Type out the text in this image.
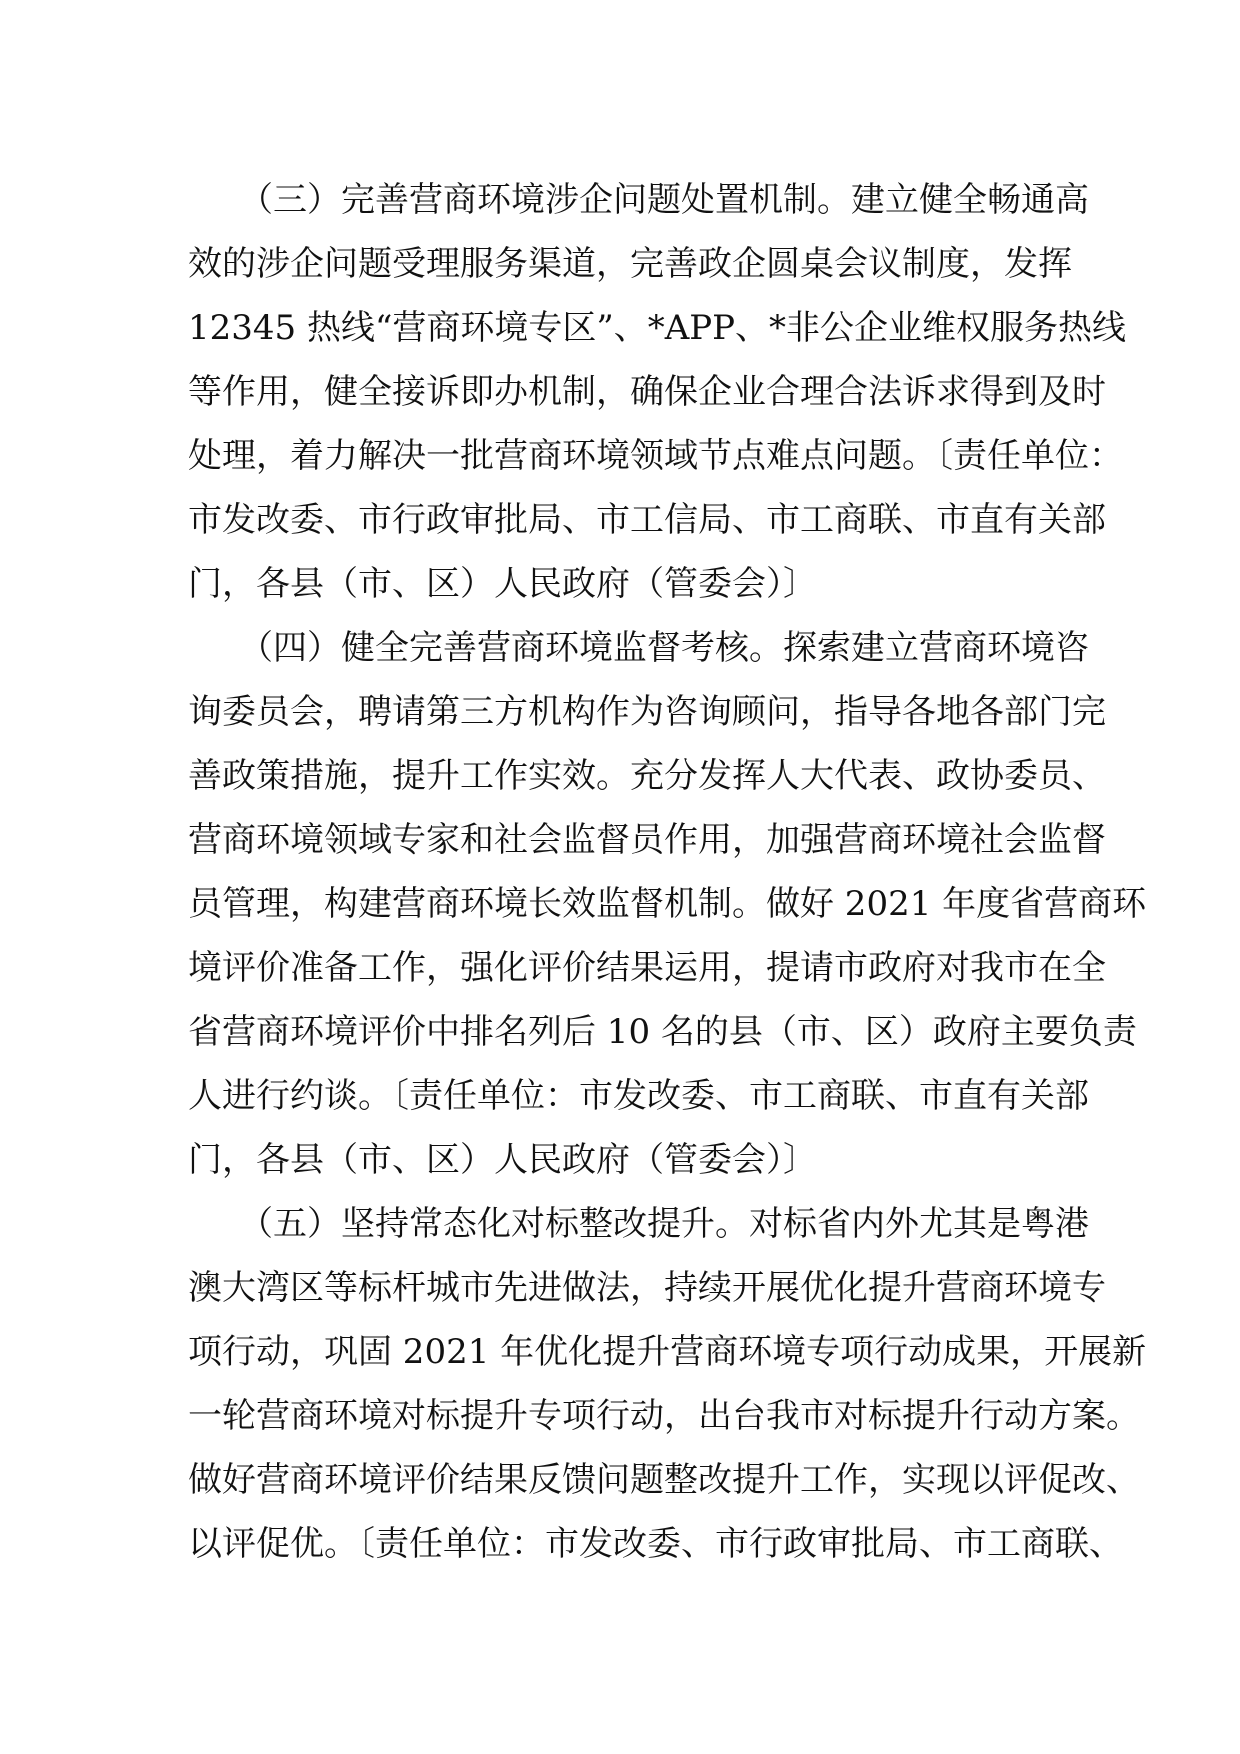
　　（三）完善营商环境涉企问题处置机制。建立健全畅通高
效的涉企问题受理服务渠道，完善政企圆桌会议制度，发挥
12345 热线“营商环境专区”、*APP、*非公企业维权服务热线
等作用，健全接诉即办机制，确保企业合理合法诉求得到及时
处理，着力解决一批营商环境领域节点难点问题。〔责任单位：
市发改委、市行政审批局、市工信局、市工商联、市直有关部
门，各县（市、区）人民政府（管委会）〕
　　（四）健全完善营商环境监督考核。探索建立营商环境咨
询委员会，聘请第三方机构作为咨询顾问，指导各地各部门完
善政策措施，提升工作实效。充分发挥人大代表、政协委员、
营商环境领域专家和社会监督员作用，加强营商环境社会监督
员管理，构建营商环境长效监督机制。做好 2021 年度省营商环
境评价准备工作，强化评价结果运用，提请市政府对我市在全
省营商环境评价中排名列后 10 名的县（市、区）政府主要负责
人进行约谈。〔责任单位：市发改委、市工商联、市直有关部
门，各县（市、区）人民政府（管委会）〕
　　（五）坚持常态化对标整改提升。对标省内外尤其是粤港
澳大湾区等标杆城市先进做法，持续开展优化提升营商环境专
项行动，巩固 2021 年优化提升营商环境专项行动成果，开展新
一轮营商环境对标提升专项行动，出台我市对标提升行动方案。
做好营商环境评价结果反馈问题整改提升工作，实现以评促改、
以评促优。〔责任单位：市发改委、市行政审批局、市工商联、
